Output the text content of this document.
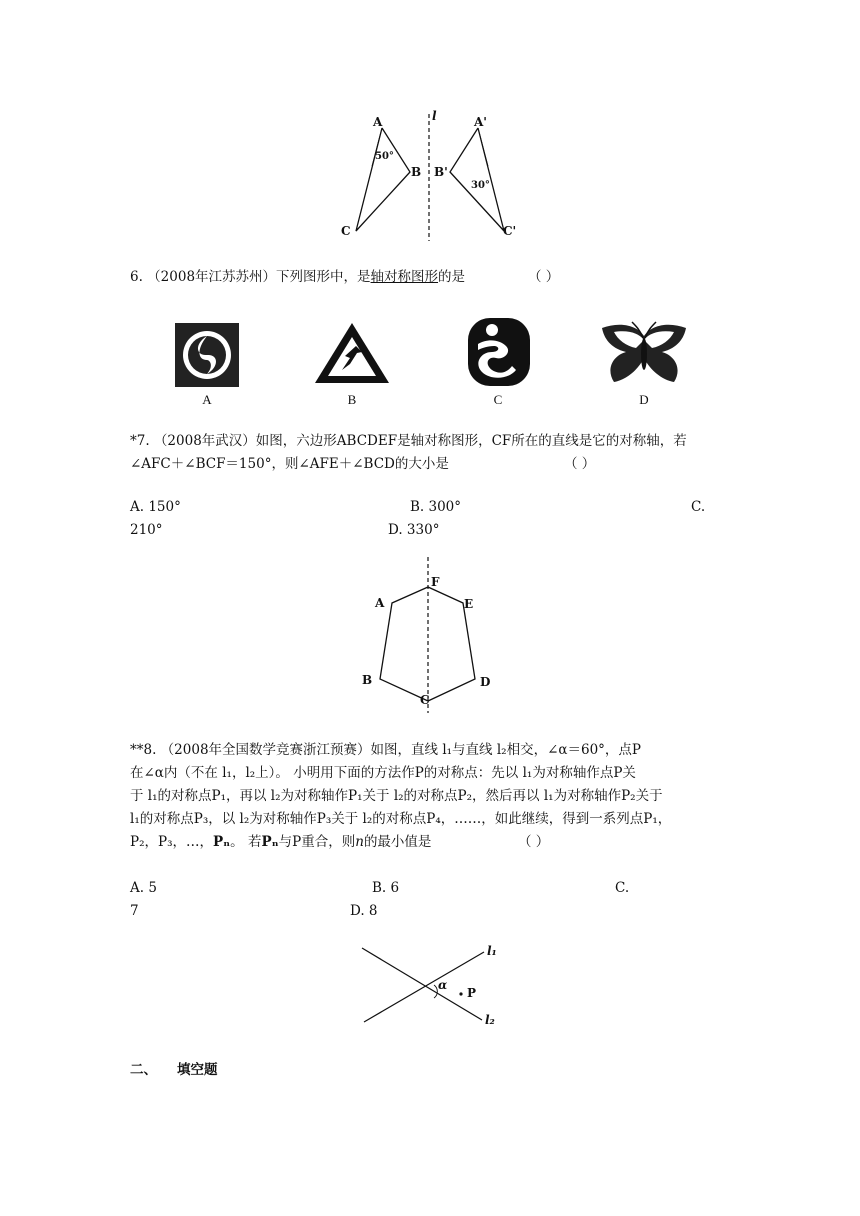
l
A
B
C
A'
B'
C'
50°
30°
6. （2008年江苏苏州）下列图形中，是轴对称图形的是	（ ）
A	B	C	D
*7. （2008年武汉）如图，六边形ABCDEF是轴对称图形，CF所在的直线是它的对称轴，若
∠AFC＋∠BCF＝150°，则∠AFE＋∠BCD的大小是	（ ）
A. 150°	B. 300°	C.
210°	D. 330°
F
A	E
B	D
C
**8. （2008年全国数学竞赛浙江预赛）如图，直线 l₁与直线 l₂相交，∠α＝60°，点P
在∠α内（不在 l₁，l₂上）。 小明用下面的方法作P的对称点：先以 l₁为对称轴作点P关
于 l₁的对称点P₁，再以 l₂为对称轴作P₁关于 l₂的对称点P₂，然后再以 l₁为对称轴作P₂关于
l₁的对称点P₃，以 l₂为对称轴作P₃关于 l₂的对称点P₄，……，如此继续，得到一系列点P₁，
P₂，P₃，…，Pₙ。 若Pₙ与P重合，则n的最小值是	（ ）
A. 5	B. 6	C.
7	D. 8
l₁
l₂
α
P
二、 填空题
